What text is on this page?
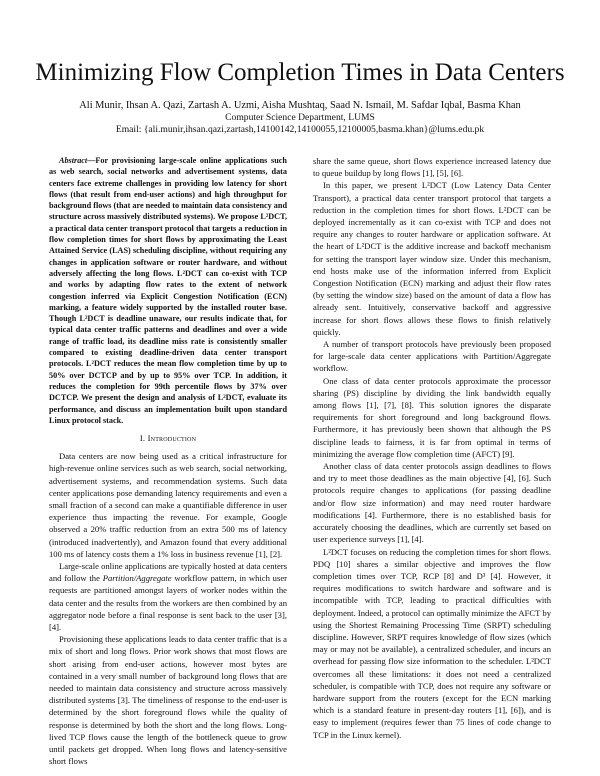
Minimizing Flow Completion Times in Data Centers
Ali Munir, Ihsan A. Qazi, Zartash A. Uzmi, Aisha Mushtaq, Saad N. Ismail, M. Safdar Iqbal, Basma Khan
Computer Science Department, LUMS
Email: {ali.munir,ihsan.qazi,zartash,14100142,14100055,12100005,basma.khan}@lums.edu.pk

Abstract—For provisioning large-scale online applications such as web search, social networks and advertisement systems, data centers face extreme challenges in providing low latency for short flows (that result from end-user actions) and high throughput for background flows (that are needed to maintain data consistency and structure across massively distributed systems). We propose L²DCT, a practical data center transport protocol that targets a reduction in flow completion times for short flows by approximating the Least Attained Service (LAS) scheduling discipline, without requiring any changes in application software or router hardware, and without adversely affecting the long flows. L²DCT can co-exist with TCP and works by adapting flow rates to the extent of network congestion inferred via Explicit Congestion Notification (ECN) marking, a feature widely supported by the installed router base. Though L²DCT is deadline unaware, our results indicate that, for typical data center traffic patterns and deadlines and over a wide range of traffic load, its deadline miss rate is consistently smaller compared to existing deadline-driven data center transport protocols. L²DCT reduces the mean flow completion time by up to 50% over DCTCP and by up to 95% over TCP. In addition, it reduces the completion for 99th percentile flows by 37% over DCTCP. We present the design and analysis of L²DCT, evaluate its performance, and discuss an implementation built upon standard Linux protocol stack.

I. Introduction

Data centers are now being used as a critical infrastructure for high-revenue online services such as web search, social networking, advertisement systems, and recommendation systems. Such data center applications pose demanding latency requirements and even a small fraction of a second can make a quantifiable difference in user experience thus impacting the revenue. For example, Google observed a 20% traffic reduction from an extra 500 ms of latency (introduced inadvertently), and Amazon found that every additional 100 ms of latency costs them a 1% loss in business revenue [1], [2].

Large-scale online applications are typically hosted at data centers and follow the Partition/Aggregate workflow pattern, in which user requests are partitioned amongst layers of worker nodes within the data center and the results from the workers are then combined by an aggregator node before a final response is sent back to the user [3], [4].

Provisioning these applications leads to data center traffic that is a mix of short and long flows. Prior work shows that most flows are short arising from end-user actions, however most bytes are contained in a very small number of background long flows that are needed to maintain data consistency and structure across massively distributed systems [3]. The timeliness of response to the end-user is determined by the short foreground flows while the quality of response is determined by both the short and the long flows. Long-lived TCP flows cause the length of the bottleneck queue to grow until packets get dropped. When long flows and latency-sensitive short flows

share the same queue, short flows experience increased latency due to queue buildup by long flows [1], [5], [6].

In this paper, we present L²DCT (Low Latency Data Center Transport), a practical data center transport protocol that targets a reduction in the completion times for short flows. L²DCT can be deployed incrementally as it can co-exist with TCP and does not require any changes to router hardware or application software. At the heart of L²DCT is the additive increase and backoff mechanism for setting the transport layer window size. Under this mechanism, end hosts make use of the information inferred from Explicit Congestion Notification (ECN) marking and adjust their flow rates (by setting the window size) based on the amount of data a flow has already sent. Intuitively, conservative backoff and aggressive increase for short flows allows these flows to finish relatively quickly.

A number of transport protocols have previously been proposed for large-scale data center applications with Partition/Aggregate workflow.

One class of data center protocols approximate the processor sharing (PS) discipline by dividing the link bandwidth equally among flows [1], [7], [8]. This solution ignores the disparate requirements for short foreground and long background flows. Furthermore, it has previously been shown that although the PS discipline leads to fairness, it is far from optimal in terms of minimizing the average flow completion time (AFCT) [9].

Another class of data center protocols assign deadlines to flows and try to meet those deadlines as the main objective [4], [6]. Such protocols require changes to applications (for passing deadline and/or flow size information) and may need router hardware modifications [4]. Furthermore, there is no established basis for accurately choosing the deadlines, which are currently set based on user experience surveys [1], [4].

L²DCT focuses on reducing the completion times for short flows. PDQ [10] shares a similar objective and improves the flow completion times over TCP, RCP [8] and D³ [4]. However, it requires modifications to switch hardware and software and is incompatible with TCP, leading to practical difficulties with deployment. Indeed, a protocol can optimally minimize the AFCT by using the Shortest Remaining Processing Time (SRPT) scheduling discipline. However, SRPT requires knowledge of flow sizes (which may or may not be available), a centralized scheduler, and incurs an overhead for passing flow size information to the scheduler. L²DCT overcomes all these limitations: it does not need a centralized scheduler, is compatible with TCP, does not require any software or hardware support from the routers (except for the ECN marking which is a standard feature in present-day routers [1], [6]), and is easy to implement (requires fewer than 75 lines of code change to TCP in the Linux kernel).
